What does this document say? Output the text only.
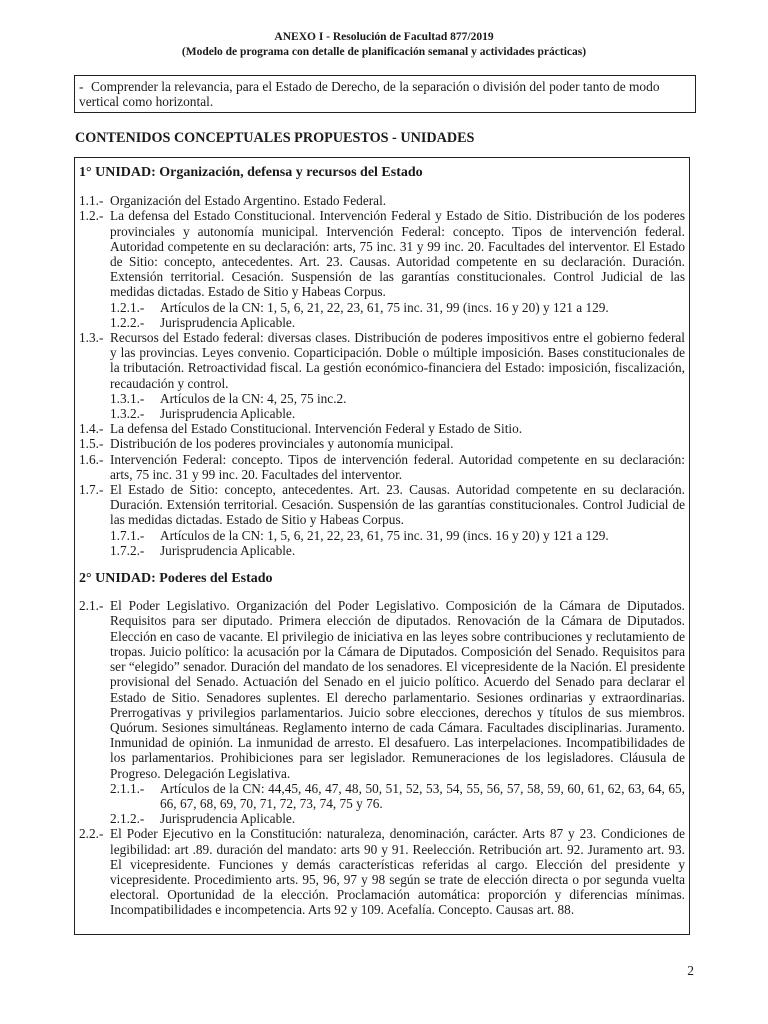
ANEXO I - Resolución de Facultad 877/2019
(Modelo de programa con detalle de planificación semanal y actividades prácticas)
- Comprender la relevancia, para el Estado de Derecho, de la separación o división del poder tanto de modo vertical como horizontal.
CONTENIDOS CONCEPTUALES PROPUESTOS - UNIDADES
1° UNIDAD: Organización, defensa y recursos del Estado
1.1.- Organización del Estado Argentino. Estado Federal.
1.2.- La defensa del Estado Constitucional. Intervención Federal y Estado de Sitio. Distribución de los poderes provinciales y autonomía municipal. Intervención Federal: concepto. Tipos de intervención federal. Autoridad competente en su declaración: arts, 75 inc. 31 y 99 inc. 20. Facultades del interventor. El Estado de Sitio: concepto, antecedentes. Art. 23. Causas. Autoridad competente en su declaración. Duración. Extensión territorial. Cesación. Suspensión de las garantías constitucionales. Control Judicial de las medidas dictadas. Estado de Sitio y Habeas Corpus.
1.2.1.-	Artículos de la CN: 1, 5, 6, 21, 22, 23, 61, 75 inc. 31, 99 (incs. 16 y 20) y 121 a 129.
1.2.2.-	Jurisprudencia Aplicable.
1.3.- Recursos del Estado federal: diversas clases. Distribución de poderes impositivos entre el gobierno federal y las provincias. Leyes convenio. Coparticipación. Doble o múltiple imposición. Bases constitucionales de la tributación. Retroactividad fiscal. La gestión económico-financiera del Estado: imposición, fiscalización, recaudación y control.
1.3.1.-	Artículos de la CN: 4, 25, 75 inc.2.
1.3.2.-	Jurisprudencia Aplicable.
1.4.- La defensa del Estado Constitucional. Intervención Federal y Estado de Sitio.
1.5.- Distribución de los poderes provinciales y autonomía municipal.
1.6.- Intervención Federal: concepto. Tipos de intervención federal. Autoridad competente en su declaración: arts, 75 inc. 31 y 99 inc. 20. Facultades del interventor.
1.7.- El Estado de Sitio: concepto, antecedentes. Art. 23. Causas. Autoridad competente en su declaración. Duración. Extensión territorial. Cesación. Suspensión de las garantías constitucionales. Control Judicial de las medidas dictadas. Estado de Sitio y Habeas Corpus.
1.7.1.-	Artículos de la CN: 1, 5, 6, 21, 22, 23, 61, 75 inc. 31, 99 (incs. 16 y 20) y 121 a 129.
1.7.2.-	Jurisprudencia Aplicable.
2° UNIDAD: Poderes del Estado
2.1.- El Poder Legislativo. Organización del Poder Legislativo. Composición de la Cámara de Diputados. Requisitos para ser diputado. Primera elección de diputados. Renovación de la Cámara de Diputados. Elección en caso de vacante. El privilegio de iniciativa en las leyes sobre contribuciones y reclutamiento de tropas. Juicio político: la acusación por la Cámara de Diputados. Composición del Senado. Requisitos para ser “elegido” senador. Duración del mandato de los senadores. El vicepresidente de la Nación. El presidente provisional del Senado. Actuación del Senado en el juicio político. Acuerdo del Senado para declarar el Estado de Sitio. Senadores suplentes. El derecho parlamentario. Sesiones ordinarias y extraordinarias. Prerrogativas y privilegios parlamentarios. Juicio sobre elecciones, derechos y títulos de sus miembros. Quórum. Sesiones simultáneas. Reglamento interno de cada Cámara. Facultades disciplinarias. Juramento. Inmunidad de opinión. La inmunidad de arresto. El desafuero. Las interpelaciones. Incompatibilidades de los parlamentarios. Prohibiciones para ser legislador. Remuneraciones de los legisladores. Cláusula de Progreso. Delegación Legislativa.
2.1.1.-	Artículos de la CN: 44,45, 46, 47, 48, 50, 51, 52, 53, 54, 55, 56, 57, 58, 59, 60, 61, 62, 63, 64, 65, 66, 67, 68, 69, 70, 71, 72, 73, 74, 75 y 76.
2.1.2.-	Jurisprudencia Aplicable.
2.2.- El Poder Ejecutivo en la Constitución: naturaleza, denominación, carácter. Arts 87 y 23. Condiciones de legibilidad: art .89. duración del mandato: arts 90 y 91. Reelección. Retribución art. 92. Juramento art. 93. El vicepresidente. Funciones y demás características referidas al cargo. Elección del presidente y vicepresidente. Procedimiento arts. 95, 96, 97 y 98 según se trate de elección directa o por segunda vuelta electoral. Oportunidad de la elección. Proclamación automática: proporción y diferencias mínimas. Incompatibilidades e incompetencia. Arts 92 y 109. Acefalía. Concepto. Causas art. 88.
2
